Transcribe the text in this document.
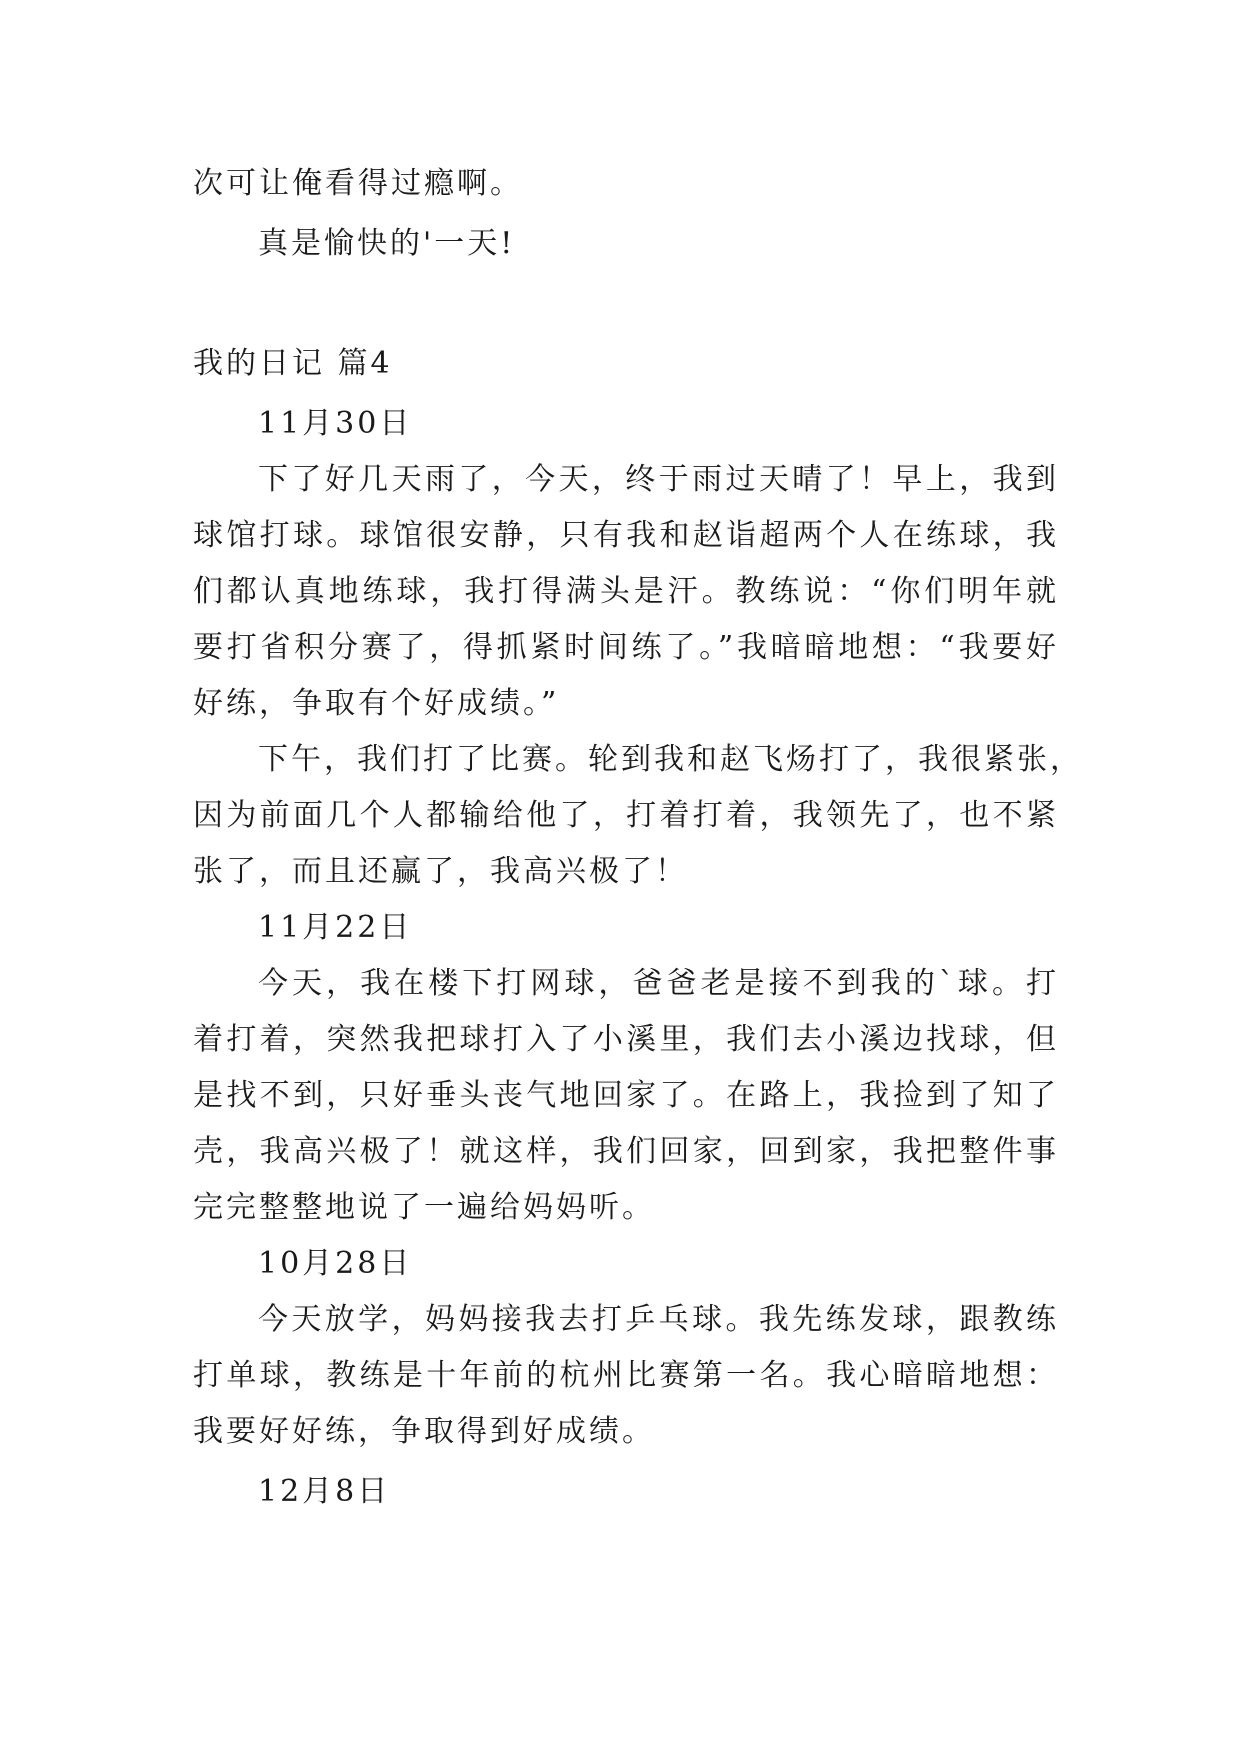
次可让俺看得过瘾啊。

真是愉快的'一天!

我的日记 篇4

11月30日

下了好几天雨了，今天，终于雨过天晴了！早上，我到

球馆打球。球馆很安静，只有我和赵诣超两个人在练球，我

们都认真地练球，我打得满头是汗。教练说：“你们明年就

要打省积分赛了，得抓紧时间练了。”我暗暗地想：“我要好

好练，争取有个好成绩。”

下午，我们打了比赛。轮到我和赵飞炀打了，我很紧张，

因为前面几个人都输给他了，打着打着，我领先了，也不紧

张了，而且还赢了，我高兴极了！

11月22日

今天，我在楼下打网球，爸爸老是接不到我的`球。打

着打着，突然我把球打入了小溪里，我们去小溪边找球，但

是找不到，只好垂头丧气地回家了。在路上，我捡到了知了

壳，我高兴极了！就这样，我们回家，回到家，我把整件事

完完整整地说了一遍给妈妈听。

10月28日

今天放学，妈妈接我去打乒乓球。我先练发球，跟教练

打单球，教练是十年前的杭州比赛第一名。我心暗暗地想：

我要好好练，争取得到好成绩。

12月8日
